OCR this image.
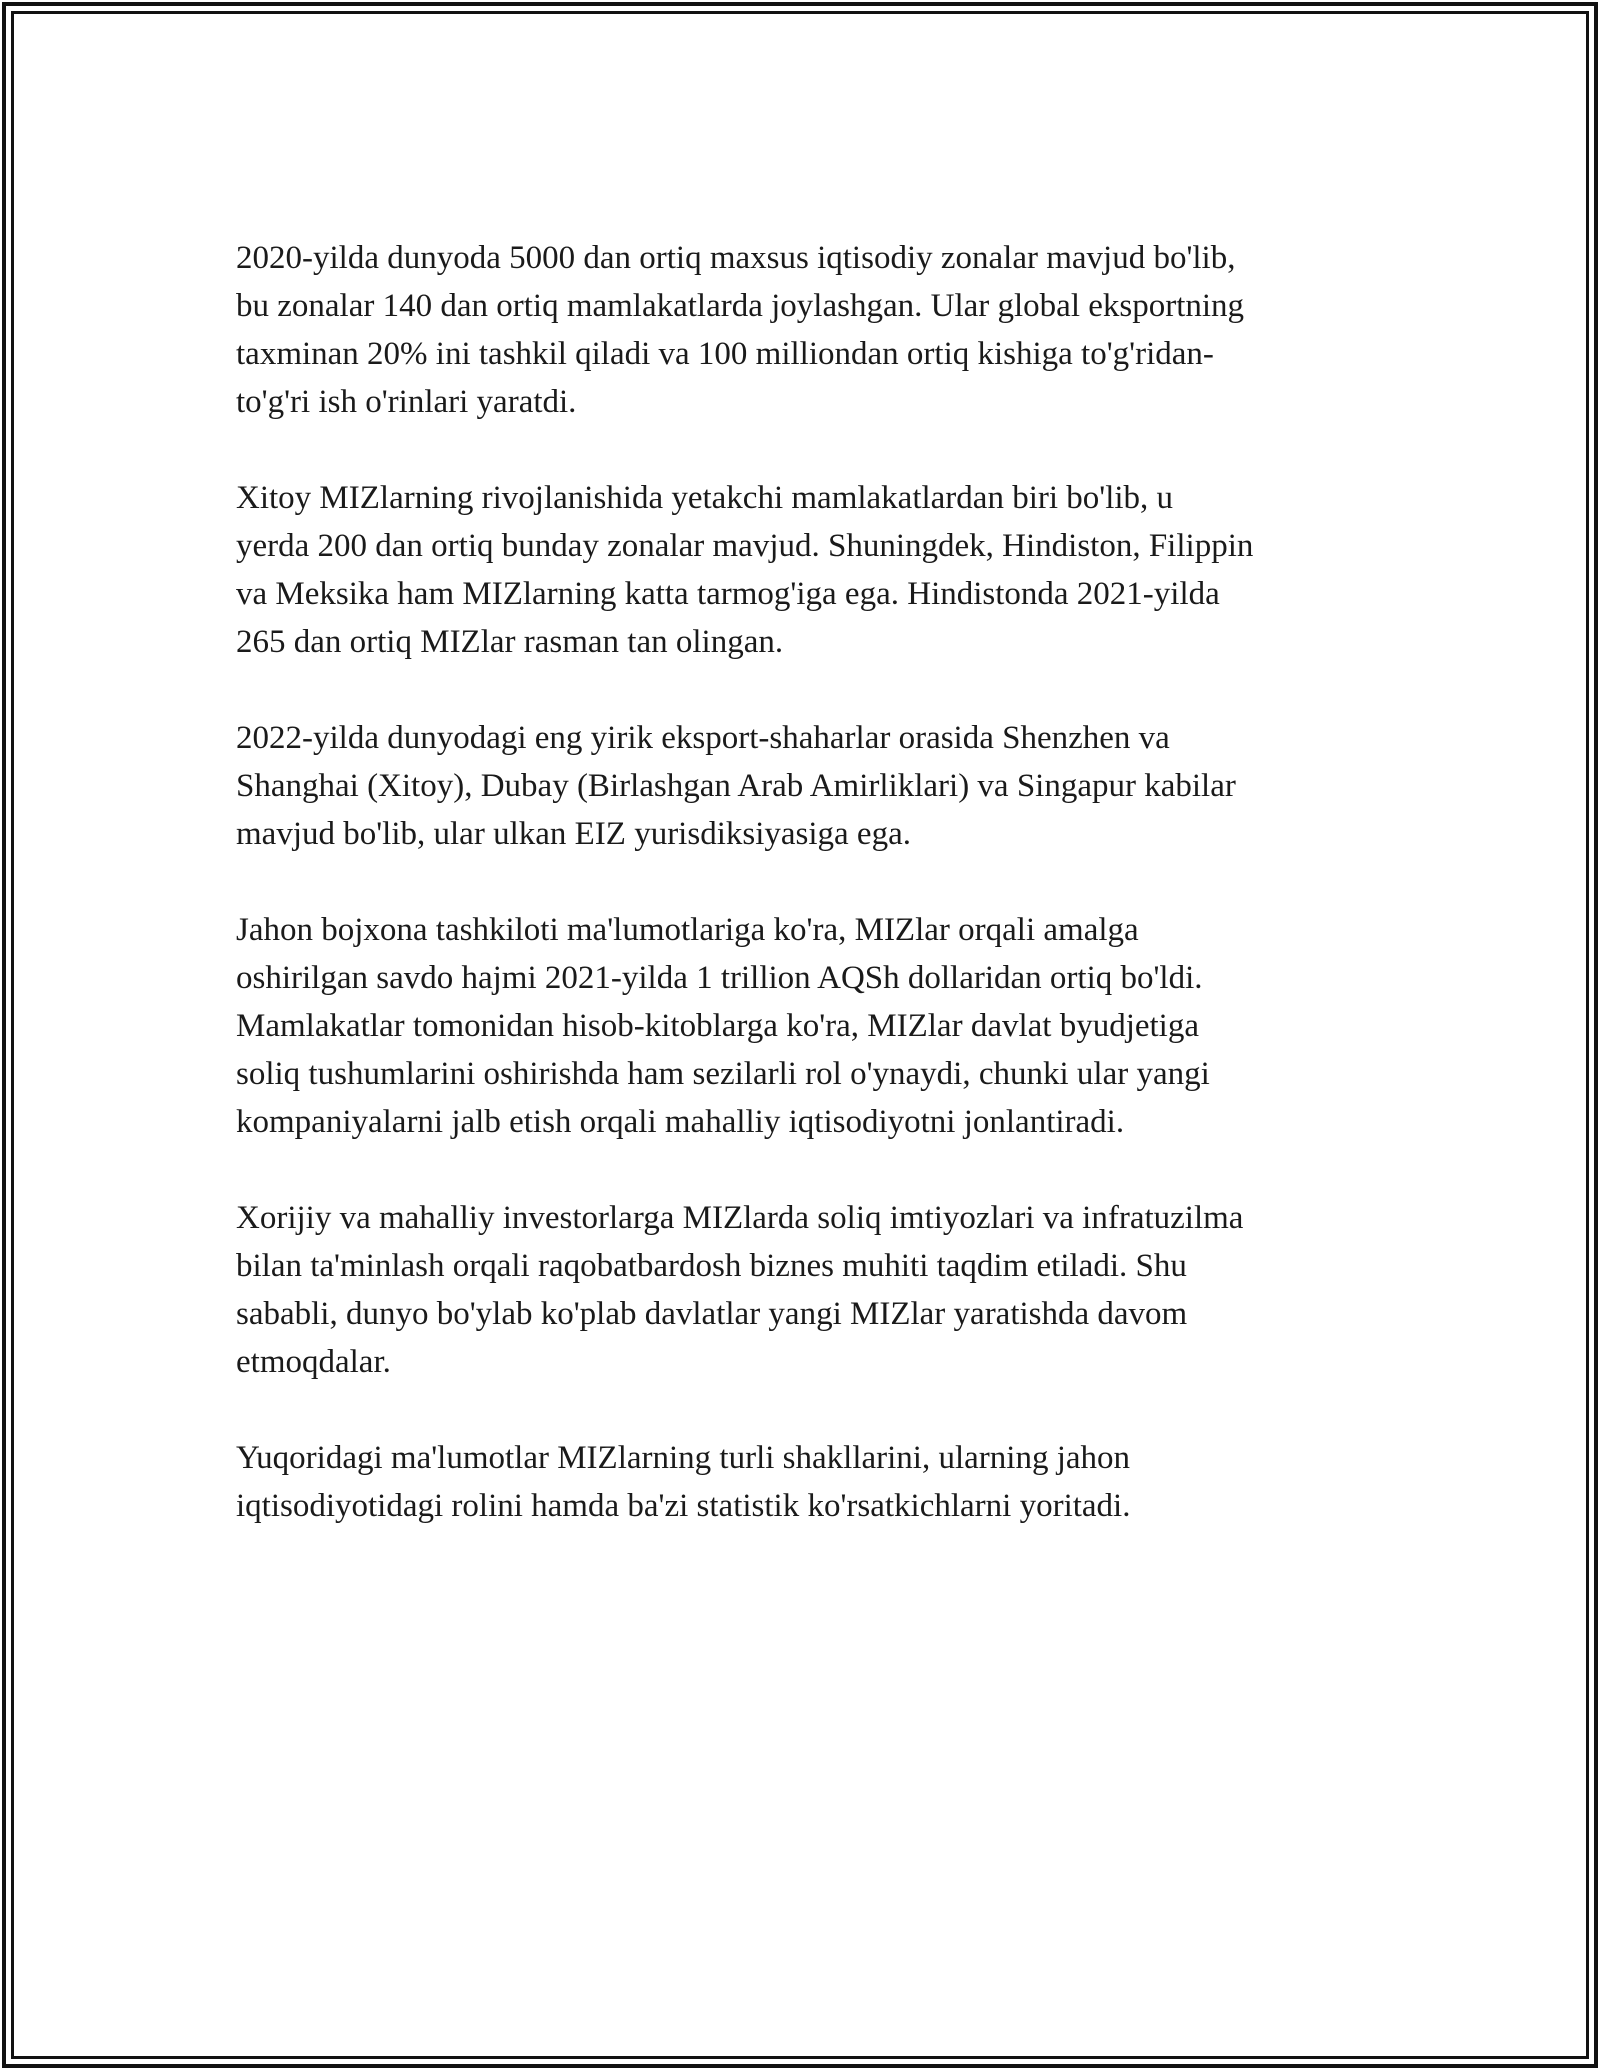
2020-yilda dunyoda 5000 dan ortiq maxsus iqtisodiy zonalar mavjud bo'lib,
bu zonalar 140 dan ortiq mamlakatlarda joylashgan. Ular global eksportning
taxminan 20% ini tashkil qiladi va 100 milliondan ortiq kishiga to'g'ridan-
to'g'ri ish o'rinlari yaratdi.

Xitoy MIZlarning rivojlanishida yetakchi mamlakatlardan biri bo'lib, u
yerda 200 dan ortiq bunday zonalar mavjud. Shuningdek, Hindiston, Filippin
va Meksika ham MIZlarning katta tarmog'iga ega. Hindistonda 2021-yilda
265 dan ortiq MIZlar rasman tan olingan.

2022-yilda dunyodagi eng yirik eksport-shaharlar orasida Shenzhen va
Shanghai (Xitoy), Dubay (Birlashgan Arab Amirliklari) va Singapur kabilar
mavjud bo'lib, ular ulkan EIZ yurisdiksiyasiga ega.

Jahon bojxona tashkiloti ma'lumotlariga ko'ra, MIZlar orqali amalga
oshirilgan savdo hajmi 2021-yilda 1 trillion AQSh dollaridan ortiq bo'ldi.
Mamlakatlar tomonidan hisob-kitoblarga ko'ra, MIZlar davlat byudjetiga
soliq tushumlarini oshirishda ham sezilarli rol o'ynaydi, chunki ular yangi
kompaniyalarni jalb etish orqali mahalliy iqtisodiyotni jonlantiradi.

Xorijiy va mahalliy investorlarga MIZlarda soliq imtiyozlari va infratuzilma
bilan ta'minlash orqali raqobatbardosh biznes muhiti taqdim etiladi. Shu
sababli, dunyo bo'ylab ko'plab davlatlar yangi MIZlar yaratishda davom
etmoqdalar.

Yuqoridagi ma'lumotlar MIZlarning turli shakllarini, ularning jahon
iqtisodiyotidagi rolini hamda ba'zi statistik ko'rsatkichlarni yoritadi.
